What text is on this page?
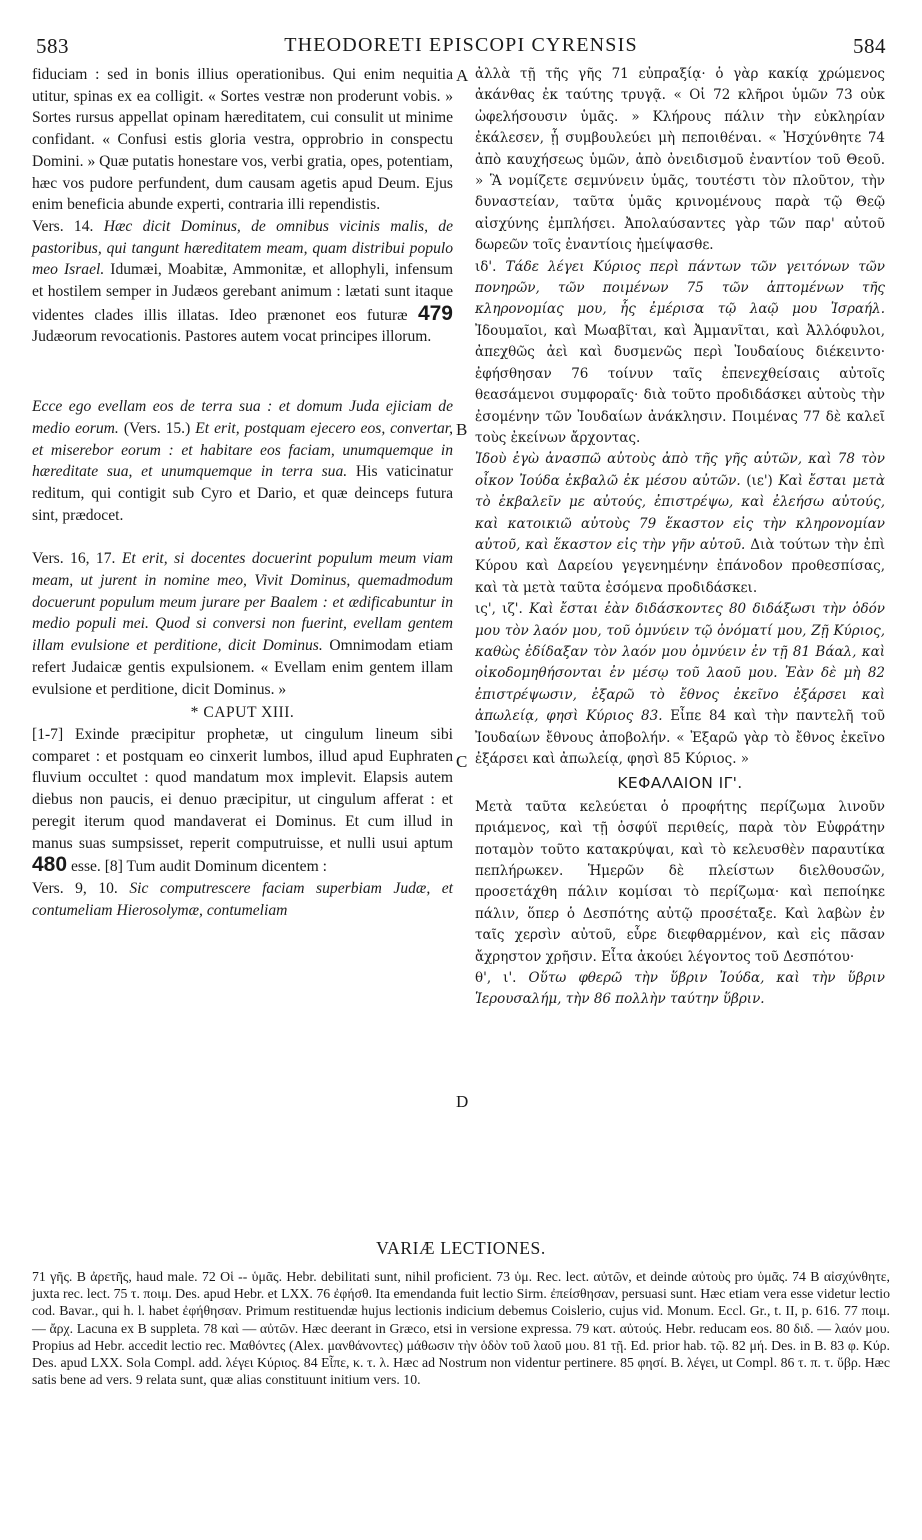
583	THEODORETI EPISCOPI CYRENSIS	584
A
B
C
D

fiduciam : sed in bonis illius operationibus. Qui enim nequitia utitur, spinas ex ea colligit. « Sortes vestræ non proderunt vobis. » Sortes rursus appellat opinam hæreditatem, cui consulit ut minime confidant. « Confusi estis gloria vestra, opprobrio in conspectu Domini. » Quæ putatis honestare vos, verbi gratia, opes, potentiam, hæc vos pudore perfundent, dum causam agetis apud Deum. Ejus enim beneficia abunde experti, contraria illi rependistis.

Vers. 14. Hæc dicit Dominus, de omnibus vicinis malis, de pastoribus, qui tangunt hæreditatem meam, quam distribui populo meo Israel. Idumæi, Moabitæ, Ammonitæ, et allophyli, infensum et hostilem semper in Judæos gerebant animum : lætati sunt itaque videntes clades illis illatas. Ideo prænonet eos futuræ 479 Judæorum revocationis. Pastores autem vocat principes illorum.

Ecce ego evellam eos de terra sua : et domum Juda ejiciam de medio eorum. (Vers. 15.) Et erit, postquam ejecero eos, convertar, et miserebor eorum : et habitare eos faciam, unumquemque in hæreditate sua, et unumquemque in terra sua. His vaticinatur reditum, qui contigit sub Cyro et Dario, et quæ deinceps futura sint, prædocet.

Vers. 16, 17. Et erit, si docentes docuerint populum meum viam meam, ut jurent in nomine meo, Vivit Dominus, quemadmodum docuerunt populum meum jurare per Baalem : et ædificabuntur in medio populi mei. Quod si conversi non fuerint, evellam gentem illam evulsione et perditione, dicit Dominus. Omnimodam etiam refert Judaicæ gentis expulsionem. « Evellam enim gentem illam evulsione et perditione, dicit Dominus. »

* CAPUT XIII.

[1-7] Exinde præcipitur prophetæ, ut cingulum lineum sibi comparet : et postquam eo cinxerit lumbos, illud apud Euphraten fluvium occultet : quod mandatum mox implevit. Elapsis autem diebus non paucis, ei denuo præcipitur, ut cingulum afferat : et peregit iterum quod mandaverat ei Dominus. Et cum illud in manus suas sumpsisset, reperit computruisse, et nulli usui aptum 480 esse. [8] Tum audit Dominum dicentem :

Vers. 9, 10. Sic computrescere faciam superbiam Judæ, et contumeliam Hierosolymæ, contumeliam

ἀλλὰ τῇ τῆς γῆς 71 εὐπραξίᾳ· ὁ γὰρ κακίᾳ χρώμενος ἀκάνθας ἐκ ταύτης τρυγᾷ. « Οἱ 72 κλῆροι ὑμῶν 73 οὐκ ὠφελήσουσιν ὑμᾶς. » Κλήρους πάλιν τὴν εὐκληρίαν ἐκάλεσεν, ᾗ συμβουλεύει μὴ πεποιθέναι. « Ἠσχύνθητε 74 ἀπὸ καυχήσεως ὑμῶν, ἀπὸ ὀνειδισμοῦ ἐναντίον τοῦ Θεοῦ. » Ἃ νομίζετε σεμνύνειν ὑμᾶς, τουτέστι τὸν πλοῦτον, τὴν δυναστείαν, ταῦτα ὑμᾶς κρινομένους παρὰ τῷ Θεῷ αἰσχύνης ἐμπλήσει. Ἀπολαύσαντες γὰρ τῶν παρ' αὐτοῦ δωρεῶν τοῖς ἐναντίοις ἠμείψασθε.

ιδ'. Τάδε λέγει Κύριος περὶ πάντων τῶν γειτόνων τῶν πονηρῶν, τῶν ποιμένων 75 τῶν ἁπτομένων τῆς κληρονομίας μου, ἧς ἐμέρισα τῷ λαῷ μου Ἰσραήλ. Ἰδουμαῖοι, καὶ Μωαβῖται, καὶ Ἀμμανῖται, καὶ Ἀλλόφυλοι, ἀπεχθῶς ἀεὶ καὶ δυσμενῶς περὶ Ἰουδαίους διέκειντο· ἐφήσθησαν 76 τοίνυν ταῖς ἐπενεχθείσαις αὐτοῖς θεασάμενοι συμφοραῖς· διὰ τοῦτο προδιδάσκει αὐτοὺς τὴν ἐσομένην τῶν Ἰουδαίων ἀνάκλησιν. Ποιμένας 77 δὲ καλεῖ τοὺς ἐκείνων ἄρχοντας.

Ἰδοὺ ἐγὼ ἀνασπῶ αὐτοὺς ἀπὸ τῆς γῆς αὐτῶν, καὶ 78 τὸν οἶκον Ἰούδα ἐκβαλῶ ἐκ μέσου αὐτῶν. (ιε') Καὶ ἔσται μετὰ τὸ ἐκβαλεῖν με αὐτούς, ἐπιστρέψω, καὶ ἐλεήσω αὐτούς, καὶ κατοικιῶ αὐτοὺς 79 ἕκαστον εἰς τὴν κληρονομίαν αὐτοῦ, καὶ ἕκαστον εἰς τὴν γῆν αὐτοῦ. Διὰ τούτων τὴν ἐπὶ Κύρου καὶ Δαρείου γεγενημένην ἐπάνοδον προθεσπίσας, καὶ τὰ μετὰ ταῦτα ἐσόμενα προδιδάσκει.

ις', ιζ'. Καὶ ἔσται ἐὰν διδάσκοντες 80 διδάξωσι τὴν ὁδόν μου τὸν λαόν μου, τοῦ ὀμνύειν τῷ ὀνόματί μου, Ζῇ Κύριος, καθὼς ἐδίδαξαν τὸν λαόν μου ὀμνύειν ἐν τῇ 81 Βάαλ, καὶ οἰκοδομηθήσονται ἐν μέσῳ τοῦ λαοῦ μου. Ἐὰν δὲ μὴ 82 ἐπιστρέψωσιν, ἐξαρῶ τὸ ἔθνος ἐκεῖνο ἐξάρσει καὶ ἀπωλείᾳ, φησὶ Κύριος 83. Εἶπε 84 καὶ τὴν παντελῆ τοῦ Ἰουδαίων ἔθνους ἀποβολήν. « Ἐξαρῶ γὰρ τὸ ἔθνος ἐκεῖνο ἐξάρσει καὶ ἀπωλείᾳ, φησὶ 85 Κύριος. »

ΚΕΦΑΛΑΙΟΝ ΙΓ'.

Μετὰ ταῦτα κελεύεται ὁ προφήτης περίζωμα λινοῦν πριάμενος, καὶ τῇ ὀσφύϊ περιθείς, παρὰ τὸν Εὐφράτην ποταμὸν τοῦτο κατακρύψαι, καὶ τὸ κελευσθὲν παραυτίκα πεπλήρωκεν. Ἡμερῶν δὲ πλείστων διελθουσῶν, προσετάχθη πάλιν κομίσαι τὸ περίζωμα· καὶ πεποίηκε πάλιν, ὅπερ ὁ Δεσπότης αὐτῷ προσέταξε. Καὶ λαβὼν ἐν ταῖς χερσὶν αὐτοῦ, εὗρε διεφθαρμένον, καὶ εἰς πᾶσαν ἄχρηστον χρῆσιν. Εἶτα ἀκούει λέγοντος τοῦ Δεσπότου·

θ', ι'. Οὕτω φθερῶ τὴν ὕβριν Ἰούδα, καὶ τὴν ὕβριν Ἱερουσαλήμ, τὴν 86 πολλὴν ταύτην ὕβριν.

VARIÆ LECTIONES.
71 γῆς. B ἀρετῆς, haud male. 72 Οἱ -- ὑμᾶς. Hebr. debilitati sunt, nihil proficient. 73 ὑμ. Rec. lect. αὐτῶν, et deinde αὐτοὺς pro ὑμᾶς. 74 B αἰσχύνθητε, juxta rec. lect. 75 τ. ποιμ. Des. apud Hebr. et LXX. 76 ἐφήσθ. Ita emendanda fuit lectio Sirm. ἐπείσθησαν, persuasi sunt. Hæc etiam vera esse videtur lectio cod. Bavar., qui h. l. habet ἐφήθησαν. Primum restituendæ hujus lectionis indicium debemus Coislerio, cujus vid. Monum. Eccl. Gr., t. II, p. 616. 77 ποιμ. — ἄρχ. Lacuna ex B suppleta. 78 καὶ — αὐτῶν. Hæc deerant in Græco, etsi in versione expressa. 79 κατ. αὐτούς. Hebr. reducam eos. 80 διδ. — λαόν μου. Propius ad Hebr. accedit lectio rec. Μαθόντες (Alex. μανθάνοντες) μάθωσιν τὴν ὁδὸν τοῦ λαοῦ μου. 81 τῇ. Ed. prior hab. τῷ. 82 μή. Des. in B. 83 φ. Κύρ. Des. apud LXX. Sola Compl. add. λέγει Κύριος. 84 Εἶπε, κ. τ. λ. Hæc ad Nostrum non videntur pertinere. 85 φησί. B. λέγει, ut Compl. 86 τ. π. τ. ὕβρ. Hæc satis bene ad vers. 9 relata sunt, quæ alias constituunt initium vers. 10.
